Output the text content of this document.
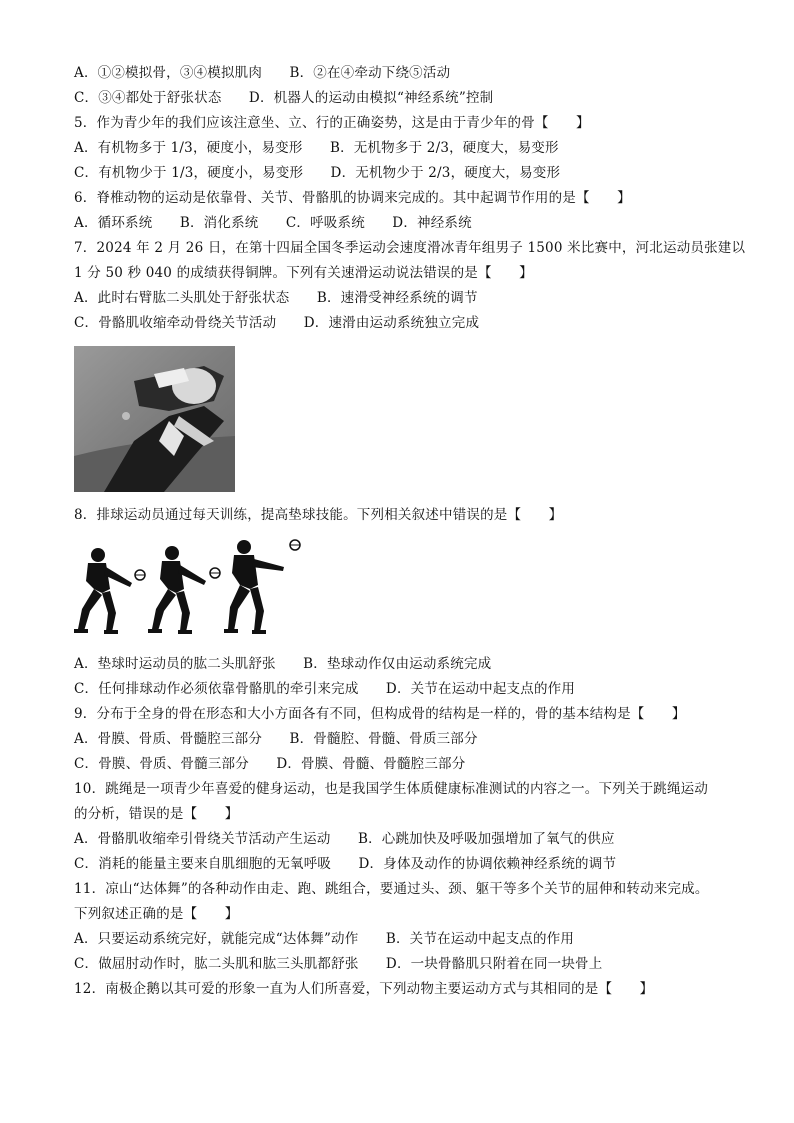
A．①②模拟骨，③④模拟肌肉　　B．②在④牵动下绕⑤活动
C．③④都处于舒张状态　　D．机器人的运动由模拟“神经系统”控制
5．作为青少年的我们应该注意坐、立、行的正确姿势，这是由于青少年的骨【　　】
A．有机物多于 1/3，硬度小，易变形　　B．无机物多于 2/3，硬度大，易变形
C．有机物少于 1/3，硬度小，易变形　　D．无机物少于 2/3，硬度大，易变形
6．脊椎动物的运动是依靠骨、关节、骨骼肌的协调来完成的。其中起调节作用的是【　　】
A．循环系统　　B．消化系统　　C．呼吸系统　　D．神经系统
7．2024 年 2 月 26 日，在第十四届全国冬季运动会速度滑冰青年组男子 1500 米比赛中，河北运动员张建以
1 分 50 秒 040 的成绩获得铜牌。下列有关速滑运动说法错误的是【　　】
A．此时右臂肱二头肌处于舒张状态　　B．速滑受神经系统的调节
C．骨骼肌收缩牵动骨绕关节活动　　D．速滑由运动系统独立完成
8．排球运动员通过每天训练，提高垫球技能。下列相关叙述中错误的是【　　】
A．垫球时运动员的肱二头肌舒张　　B．垫球动作仅由运动系统完成
C．任何排球动作必须依靠骨骼肌的牵引来完成　　D．关节在运动中起支点的作用
9．分布于全身的骨在形态和大小方面各有不同，但构成骨的结构是一样的，骨的基本结构是【　　】
A．骨膜、骨质、骨髓腔三部分　　B．骨髓腔、骨髓、骨质三部分
C．骨膜、骨质、骨髓三部分　　D．骨膜、骨髓、骨髓腔三部分
10．跳绳是一项青少年喜爱的健身运动，也是我国学生体质健康标准测试的内容之一。下列关于跳绳运动
的分析，错误的是【　　】
A．骨骼肌收缩牵引骨绕关节活动产生运动　　B．心跳加快及呼吸加强增加了氧气的供应
C．消耗的能量主要来自肌细胞的无氧呼吸　　D．身体及动作的协调依赖神经系统的调节
11．凉山“达体舞”的各种动作由走、跑、跳组合，要通过头、颈、躯干等多个关节的屈伸和转动来完成。
下列叙述正确的是【　　】
A．只要运动系统完好，就能完成“达体舞”动作　　B．关节在运动中起支点的作用
C．做屈肘动作时，肱二头肌和肱三头肌都舒张　　D．一块骨骼肌只附着在同一块骨上
12．南极企鹅以其可爱的形象一直为人们所喜爱，下列动物主要运动方式与其相同的是【　　】
